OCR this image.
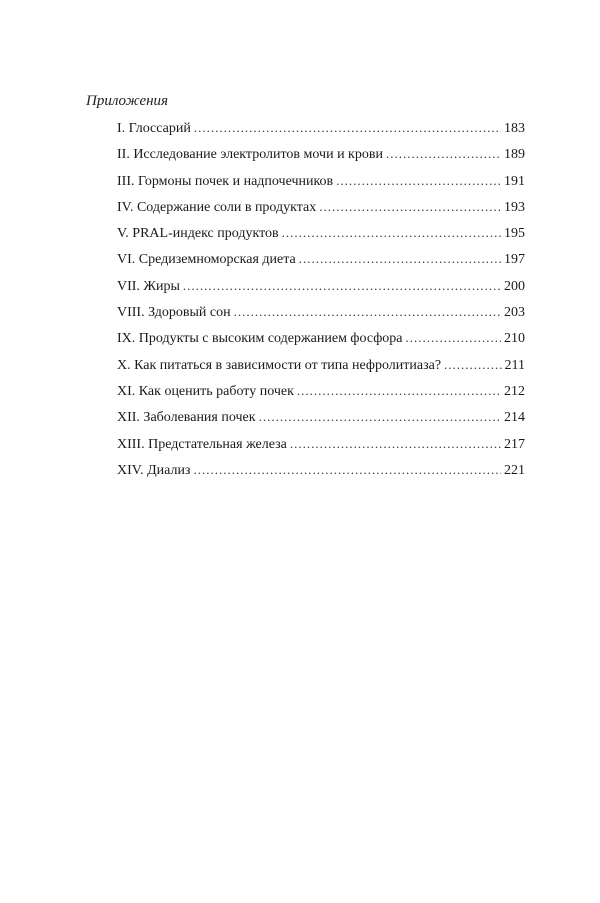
Приложения
I. Глоссарий .....	183
II. Исследование электролитов мочи и крови .....	189
III. Гормоны почек и надпочечников .....	191
IV. Содержание соли в продуктах .....	193
V. PRAL-индекс продуктов .....	195
VI. Средиземноморская диета .....	197
VII. Жиры .....	200
VIII. Здоровый сон .....	203
IX. Продукты с высоким содержанием фосфора .....	210
X. Как питаться в зависимости от типа нефролитиаза? .....	211
XI. Как оценить работу почек .....	212
XII. Заболевания почек .....	214
XIII. Предстательная железа .....	217
XIV. Диализ .....	221
